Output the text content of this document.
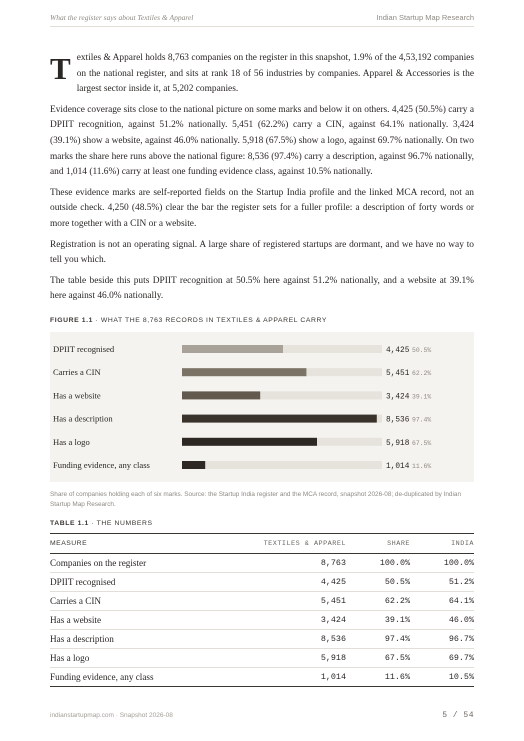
What the register says about Textiles & Apparel	Indian Startup Map Research

Textiles & Apparel holds 8,763 companies on the register in this snapshot, 1.9% of the 4,53,192 companies on the national register, and sits at rank 18 of 56 industries by companies. Apparel & Accessories is the largest sector inside it, at 5,202 companies.

Evidence coverage sits close to the national picture on some marks and below it on others. 4,425 (50.5%) carry a DPIIT recognition, against 51.2% nationally. 5,451 (62.2%) carry a CIN, against 64.1% nationally. 3,424 (39.1%) show a website, against 46.0% nationally. 5,918 (67.5%) show a logo, against 69.7% nationally. On two marks the share here runs above the national figure: 8,536 (97.4%) carry a description, against 96.7% nationally, and 1,014 (11.6%) carry at least one funding evidence class, against 10.5% nationally.

These evidence marks are self-reported fields on the Startup India profile and the linked MCA record, not an outside check. 4,250 (48.5%) clear the bar the register sets for a fuller profile: a description of forty words or more together with a CIN or a website.

Registration is not an operating signal. A large share of registered startups are dormant, and we have no way to tell you which.

The table beside this puts DPIIT recognition at 50.5% here against 51.2% nationally, and a website at 39.1% here against 46.0% nationally.

FIGURE 1.1 · WHAT THE 8,763 RECORDS IN TEXTILES & APPAREL CARRY
DPIIT recognised	4,425 50.5%
Carries a CIN	5,451 62.2%
Has a website	3,424 39.1%
Has a description	8,536 97.4%
Has a logo	5,918 67.5%
Funding evidence, any class	1,014 11.6%
Share of companies holding each of six marks. Source: the Startup India register and the MCA record, snapshot 2026-08; de-duplicated by Indian Startup Map Research.
TABLE 1.1 · THE NUMBERS
MEASURE	TEXTILES & APPAREL	SHARE	INDIA
Companies on the register	8,763	100.0%	100.0%
DPIIT recognised	4,425	50.5%	51.2%
Carries a CIN	5,451	62.2%	64.1%
Has a website	3,424	39.1%	46.0%
Has a description	8,536	97.4%	96.7%
Has a logo	5,918	67.5%	69.7%
Funding evidence, any class	1,014	11.6%	10.5%
indianstartupmap.com · Snapshot 2026-08	5 / 54
